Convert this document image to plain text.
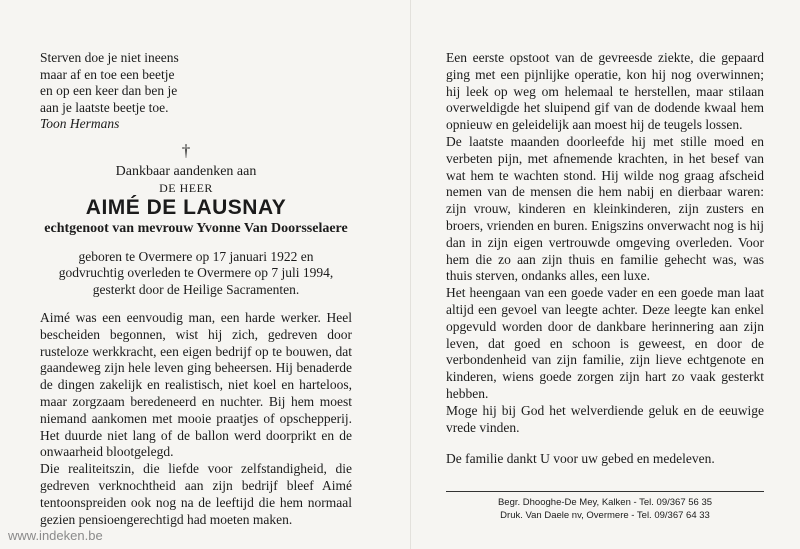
Sterven doe je niet ineens
maar af en toe een beetje
en op een keer dan ben je
aan je laatste beetje toe.
Toon Hermans
†
Dankbaar aandenken aan
DE HEER
AIMÉ DE LAUSNAY
echtgenoot van mevrouw Yvonne Van Doorsselaere
geboren te Overmere op 17 januari 1922 en
godvruchtig overleden te Overmere op 7 juli 1994,
gesterkt door de Heilige Sacramenten.
Aimé was een eenvoudig man, een harde werker. Heel bescheiden begonnen, wist hij zich, gedreven door rusteloze werkkracht, een eigen bedrijf op te bouwen, dat gaandeweg zijn hele leven ging beheersen. Hij benaderde de dingen zakelijk en realistisch, niet koel en harteloos, maar zorgzaam beredeneerd en nuchter. Bij hem moest niemand aankomen met mooie praatjes of opschepperij. Het duurde niet lang of de ballon werd doorprikt en de onwaarheid blootgelegd.
Die realiteitszin, die liefde voor zelfstandigheid, die gedreven verknochtheid aan zijn bedrijf bleef Aimé tentoonspreiden ook nog na de leeftijd die hem normaal gezien pensioengerechtigd had moeten maken.
Een eerste opstoot van de gevreesde ziekte, die gepaard ging met een pijnlijke operatie, kon hij nog overwinnen; hij leek op weg om helemaal te herstellen, maar stilaan overweldigde het sluipend gif van de dodende kwaal hem opnieuw en geleidelijk aan moest hij de teugels lossen.
De laatste maanden doorleefde hij met stille moed en verbeten pijn, met afnemende krachten, in het besef van wat hem te wachten stond. Hij wilde nog graag afscheid nemen van de mensen die hem nabij en dierbaar waren: zijn vrouw, kinderen en kleinkinderen, zijn zusters en broers, vrienden en buren. Enigszins onverwacht nog is hij dan in zijn eigen vertrouwde omgeving overleden. Voor hem die zo aan zijn thuis en familie gehecht was, was thuis sterven, ondanks alles, een luxe.
Het heengaan van een goede vader en een goede man laat altijd een gevoel van leegte achter. Deze leegte kan enkel opgevuld worden door de dankbare herinnering aan zijn leven, dat goed en schoon is geweest, en door de verbondenheid van zijn familie, zijn lieve echtgenote en kinderen, wiens goede zorgen zijn hart zo vaak gesterkt hebben.
Moge hij bij God het welverdiende geluk en de eeuwige vrede vinden.
De familie dankt U voor uw gebed en medeleven.
Begr. Dhooghe-De Mey, Kalken - Tel. 09/367 56 35
Druk. Van Daele nv, Overmere - Tel. 09/367 64 33
www.indeken.be
